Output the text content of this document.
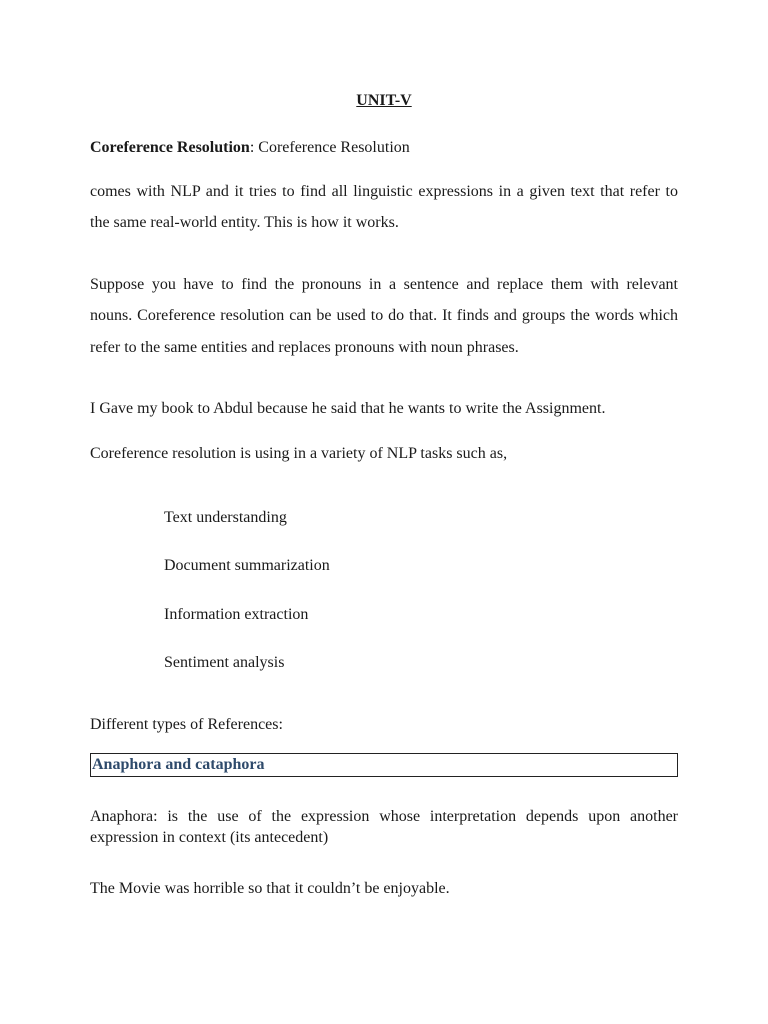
UNIT-V
Coreference Resolution: Coreference Resolution
comes with NLP and it tries to find all linguistic expressions in a given text that refer to
the same real-world entity. This is how it works.
Suppose you have to find the pronouns in a sentence and replace them with relevant
nouns. Coreference resolution can be used to do that. It finds and groups the words which
refer to the same entities and replaces pronouns with noun phrases.
I Gave my book to Abdul because he said that he wants to write the Assignment.
Coreference resolution is using in a variety of NLP tasks such as,
Text understanding
Document summarization
Information extraction
Sentiment analysis
Different types of References:
Anaphora and cataphora
Anaphora: is the use of the expression whose interpretation depends upon another
expression in context (its antecedent)
The Movie was horrible so that it couldn’t be enjoyable.
